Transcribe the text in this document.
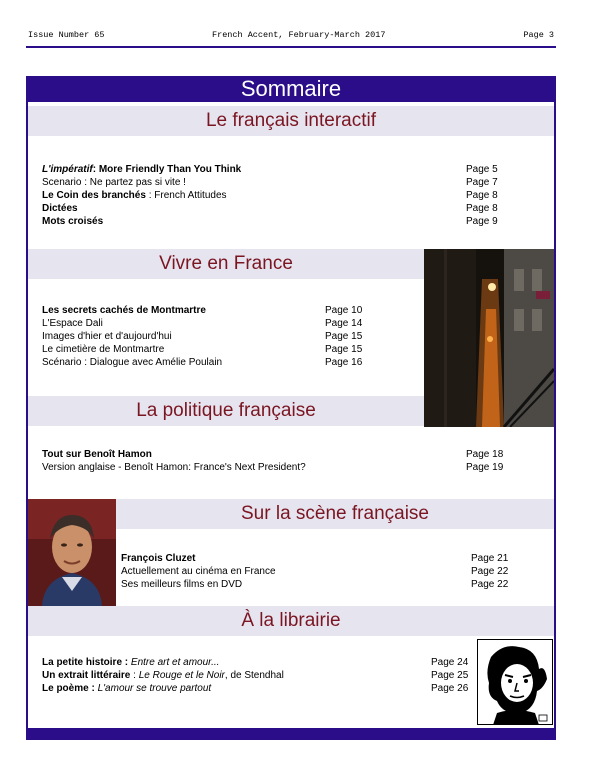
Issue Number 65	French Accent, February-March 2017	Page 3
Sommaire
Le français interactif
Vivre en France
La politique française
Sur la scène française
À la librairie
L'impératif: More Friendly Than You Think	Page 5
Scenario : Ne partez pas si vite !	Page 7
Le Coin des branchés : French Attitudes	Page 8
Dictées	Page 8
Mots croisés	Page 9
Les secrets cachés de Montmartre	Page 10
L'Espace Dali	Page 14
Images d'hier et d'aujourd'hui	Page 15
Le cimetière de Montmartre	Page 15
Scénario : Dialogue avec Amélie Poulain	Page 16
Tout sur Benoît Hamon	Page 18
Version anglaise - Benoît Hamon: France's Next President?	Page 19
François Cluzet	Page 21
Actuellement au cinéma en France	Page 22
Ses meilleurs films en DVD	Page 22
La petite histoire : Entre art et amour...	Page 24
Un extrait littéraire : Le Rouge et le Noir, de Stendhal	Page 25
Le poème : L'amour se trouve partout	Page 26
